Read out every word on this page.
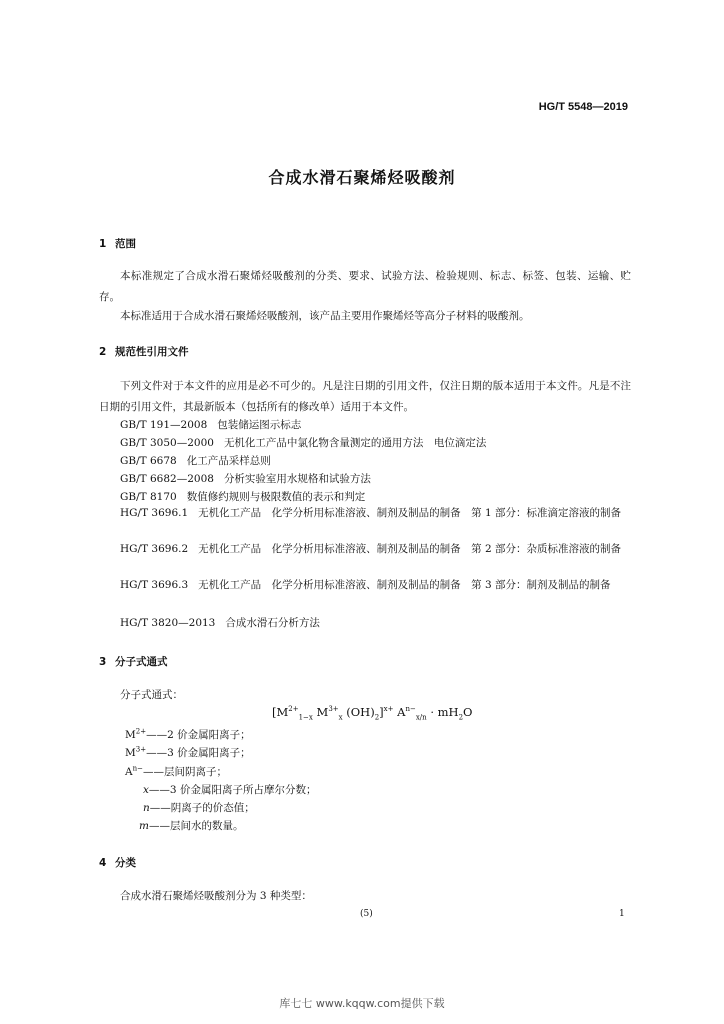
HG/T 5548—2019
合成水滑石聚烯烃吸酸剂
1 范围
本标准规定了合成水滑石聚烯烃吸酸剂的分类、要求、试验方法、检验规则、标志、标签、包装、运输、贮存。
本标准适用于合成水滑石聚烯烃吸酸剂，该产品主要用作聚烯烃等高分子材料的吸酸剂。
2 规范性引用文件
下列文件对于本文件的应用是必不可少的。凡是注日期的引用文件，仅注日期的版本适用于本文件。凡是不注日期的引用文件，其最新版本（包括所有的修改单）适用于本文件。
GB/T 191—2008 包装储运图示标志
GB/T 3050—2000 无机化工产品中氯化物含量测定的通用方法　电位滴定法
GB/T 6678 化工产品采样总则
GB/T 6682—2008 分析实验室用水规格和试验方法
GB/T 8170 数值修约规则与极限数值的表示和判定
HG/T 3696.1 无机化工产品　化学分析用标准溶液、制剂及制品的制备　第 1 部分：标准滴定溶液的制备
HG/T 3696.2 无机化工产品　化学分析用标准溶液、制剂及制品的制备　第 2 部分：杂质标准溶液的制备
HG/T 3696.3 无机化工产品　化学分析用标准溶液、制剂及制品的制备　第 3 部分：制剂及制品的制备
HG/T 3820—2013 合成水滑石分析方法
3 分子式通式
分子式通式：
[$M^{2+}_{1-x}$ $M^{3+}_x$ $(OH)_2]^{x+}$ $A^{n-}_{x/n} \cdot mH_2O$
$M^{2+}——2$ 价金属阳离子；
$M^{3+}——3$ 价金属阳离子；
$A^{n-}——$层间阴离子；
x——3 价金属阳离子所占摩尔分数；
n——阴离子的价态值；
m——层间水的数量。
4 分类
合成水滑石聚烯烃吸酸剂分为 3 种类型：
(5)	1
库七七 www.kqqw.com提供下载
